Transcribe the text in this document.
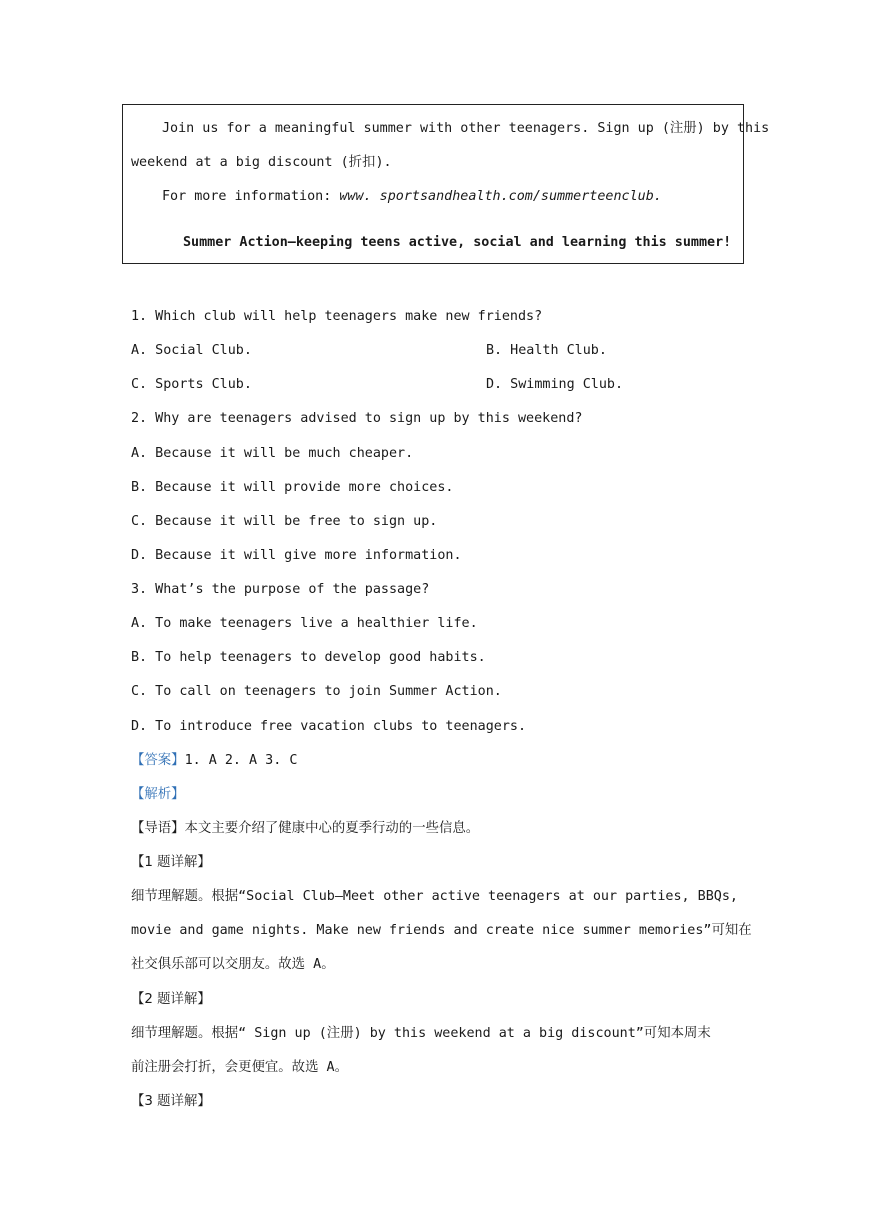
Join us for a meaningful summer with other teenagers. Sign up (注册) by this
weekend at a big discount (折扣).
For more information: www. sportsandhealth.com/summerteenclub.
Summer Action—keeping teens active, social and learning this summer!
1. Which club will help teenagers make new friends?
A. Social Club.	B. Health Club.
C. Sports Club.	D. Swimming Club.
2. Why are teenagers advised to sign up by this weekend?
A. Because it will be much cheaper.
B. Because it will provide more choices.
C. Because it will be free to sign up.
D. Because it will give more information.
3. What’s the purpose of the passage?
A. To make teenagers live a healthier life.
B. To help teenagers to develop good habits.
C. To call on teenagers to join Summer Action.
D. To introduce free vacation clubs to teenagers.
【答案】1. A 2. A 3. C
【解析】
【导语】本文主要介绍了健康中心的夏季行动的一些信息。
【1 题详解】
细节理解题。根据“Social Club—Meet other active teenagers at our parties, BBQs,
movie and game nights. Make new friends and create nice summer memories”可知在
社交俱乐部可以交朋友。故选 A。
【2 题详解】
细节理解题。根据“ Sign up (注册) by this weekend at a big discount”可知本周末
前注册会打折，会更便宜。故选 A。
【3 题详解】
